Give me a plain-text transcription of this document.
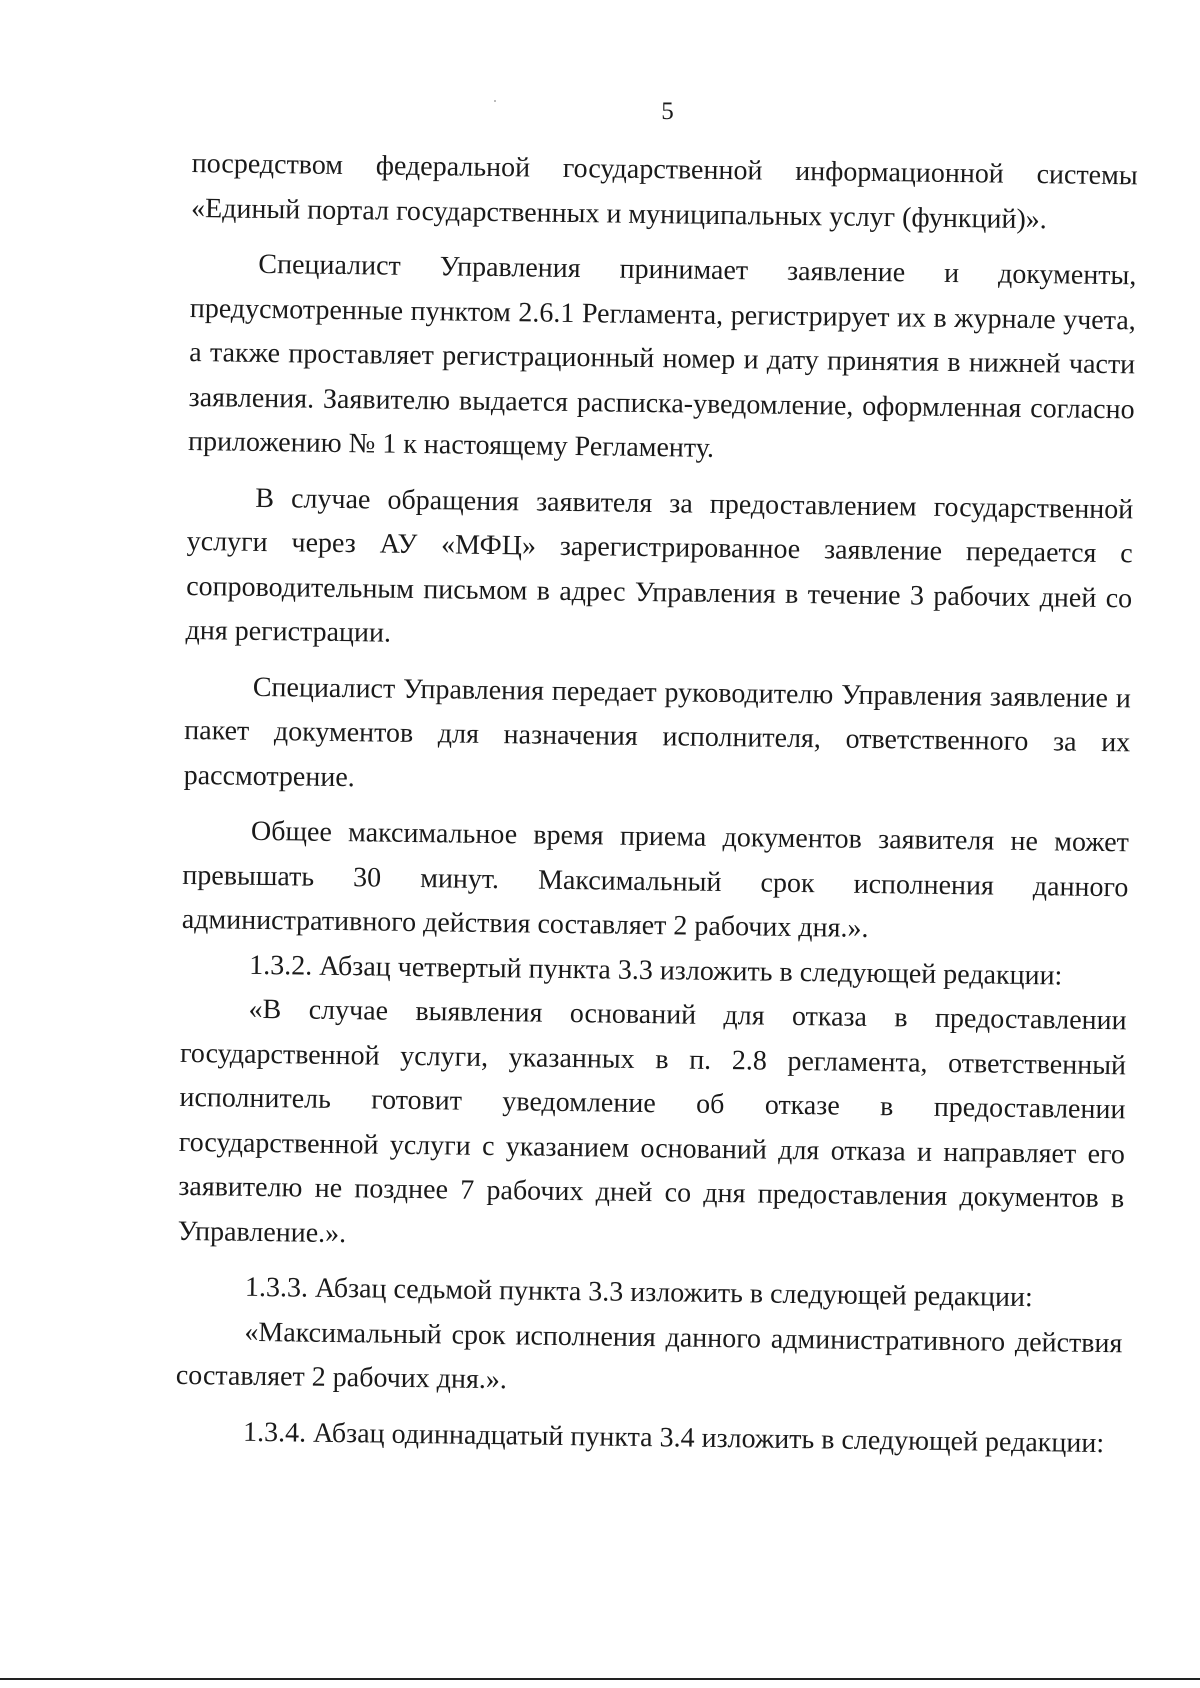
5

посредством федеральной государственной информационной системы «Единый портал государственных и муниципальных услуг (функций)».

Специалист Управления принимает заявление и документы, предусмотренные пунктом 2.6.1 Регламента, регистрирует их в журнале учета, а также проставляет регистрационный номер и дату принятия в нижней части заявления. Заявителю выдается расписка-уведомление, оформленная согласно приложению № 1 к настоящему Регламенту.

В случае обращения заявителя за предоставлением государственной услуги через АУ «МФЦ» зарегистрированное заявление передается с сопроводительным письмом в адрес Управления в течение 3 рабочих дней со дня регистрации.

Специалист Управления передает руководителю Управления заявление и пакет документов для назначения исполнителя, ответственного за их рассмотрение.

Общее максимальное время приема документов заявителя не может превышать 30 минут. Максимальный срок исполнения данного административного действия составляет 2 рабочих дня.».

1.3.2. Абзац четвертый пункта 3.3 изложить в следующей редакции:

«В случае выявления оснований для отказа в предоставлении государственной услуги, указанных в п. 2.8 регламента, ответственный исполнитель готовит уведомление об отказе в предоставлении государственной услуги с указанием оснований для отказа и направляет его заявителю не позднее 7 рабочих дней со дня предоставления документов в Управление.».

1.3.3. Абзац седьмой пункта 3.3 изложить в следующей редакции:

«Максимальный срок исполнения данного административного действия составляет 2 рабочих дня.».

1.3.4. Абзац одиннадцатый пункта 3.4 изложить в следующей редакции:
